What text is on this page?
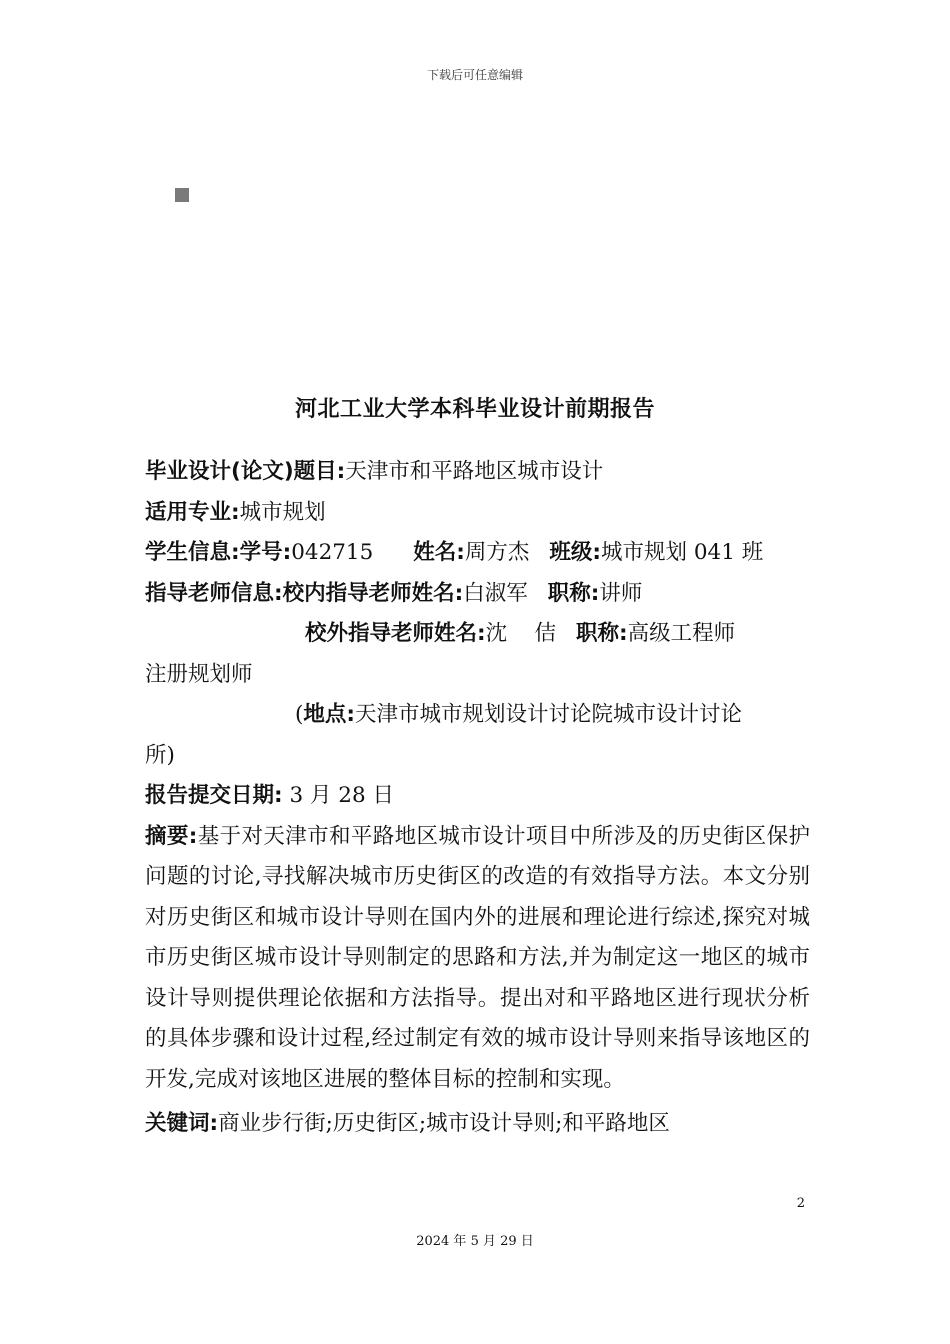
下载后可任意编辑
河北工业大学本科毕业设计前期报告
毕业设计(论文)题目:天津市和平路地区城市设计
适用专业:城市规划
学生信息:学号:042715 姓名:周方杰 班级:城市规划 041 班
指导老师信息:校内指导老师姓名:白淑军 职称:讲师
校外指导老师姓名:沈    佶 职称:高级工程师
注册规划师
(地点:天津市城市规划设计讨论院城市设计讨论
所)
报告提交日期: 3 月 28 日
摘要:基于对天津市和平路地区城市设计项目中所涉及的历史街区保护问题的讨论,寻找解决城市历史街区的改造的有效指导方法。本文分别对历史街区和城市设计导则在国内外的进展和理论进行综述,探究对城市历史街区城市设计导则制定的思路和方法,并为制定这一地区的城市设计导则提供理论依据和方法指导。提出对和平路地区进行现状分析的具体步骤和设计过程,经过制定有效的城市设计导则来指导该地区的开发,完成对该地区进展的整体目标的控制和实现。
关键词:商业步行街;历史街区;城市设计导则;和平路地区
2
2024 年 5 月 29 日
